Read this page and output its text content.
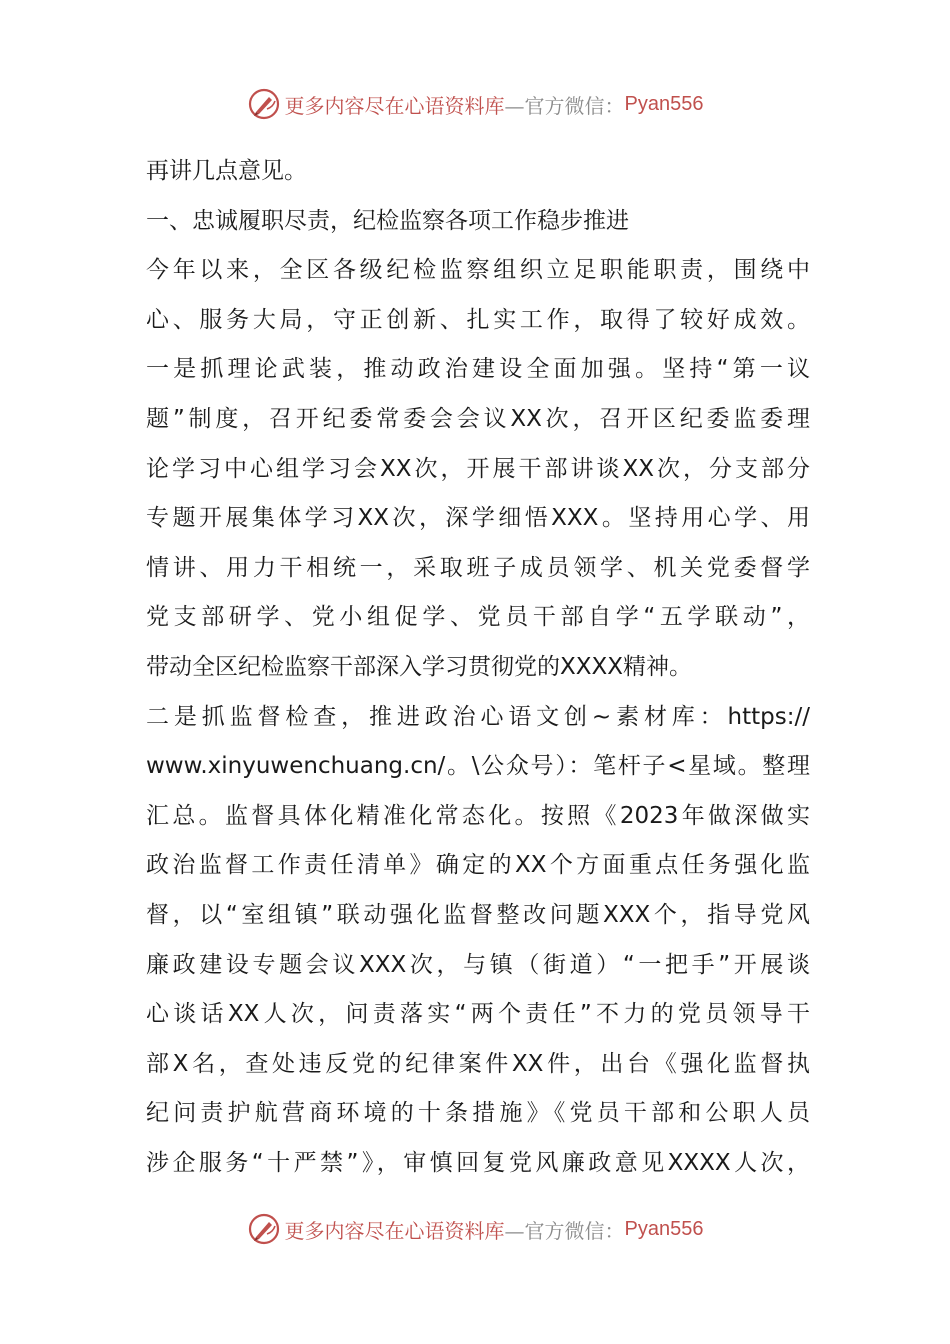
更多内容尽在心语资料库 —官方微信： Pyan556
再讲几点意见。
一、忠诚履职尽责，纪检监察各项工作稳步推进
今年以来，全区各级纪检监察组织立足职能职责，围绕中
心、服务大局，守正创新、扎实工作，取得了较好成效。
一是抓理论武装，推动政治建设全面加强。坚持“第一议
题”制度，召开纪委常委会会议XX次，召开区纪委监委理
论学习中心组学习会XX次，开展干部讲谈XX次，分支部分
专题开展集体学习XX次，深学细悟XXX。坚持用心学、用
情讲、用力干相统一，采取班子成员领学、机关党委督学
党支部研学、党小组促学、党员干部自学“五学联动”，
带动全区纪检监察干部深入学习贯彻党的XXXX精神。
二是抓监督检查，推进政治心语文创~素材库：https://
www.xinyuwenchuang.cn/。\公众号）：笔杆子<星域。整理
汇总。监督具体化精准化常态化。按照《2023年做深做实
政治监督工作责任清单》确定的XX个方面重点任务强化监
督，以“室组镇”联动强化监督整改问题XXX个，指导党风
廉政建设专题会议XXX次，与镇（街道）“一把手”开展谈
心谈话XX人次，问责落实“两个责任”不力的党员领导干
部X名，查处违反党的纪律案件XX件，出台《强化监督执
纪问责护航营商环境的十条措施》《党员干部和公职人员
涉企服务“十严禁”》，审慎回复党风廉政意见XXXX人次，
更多内容尽在心语资料库 —官方微信： Pyan556
